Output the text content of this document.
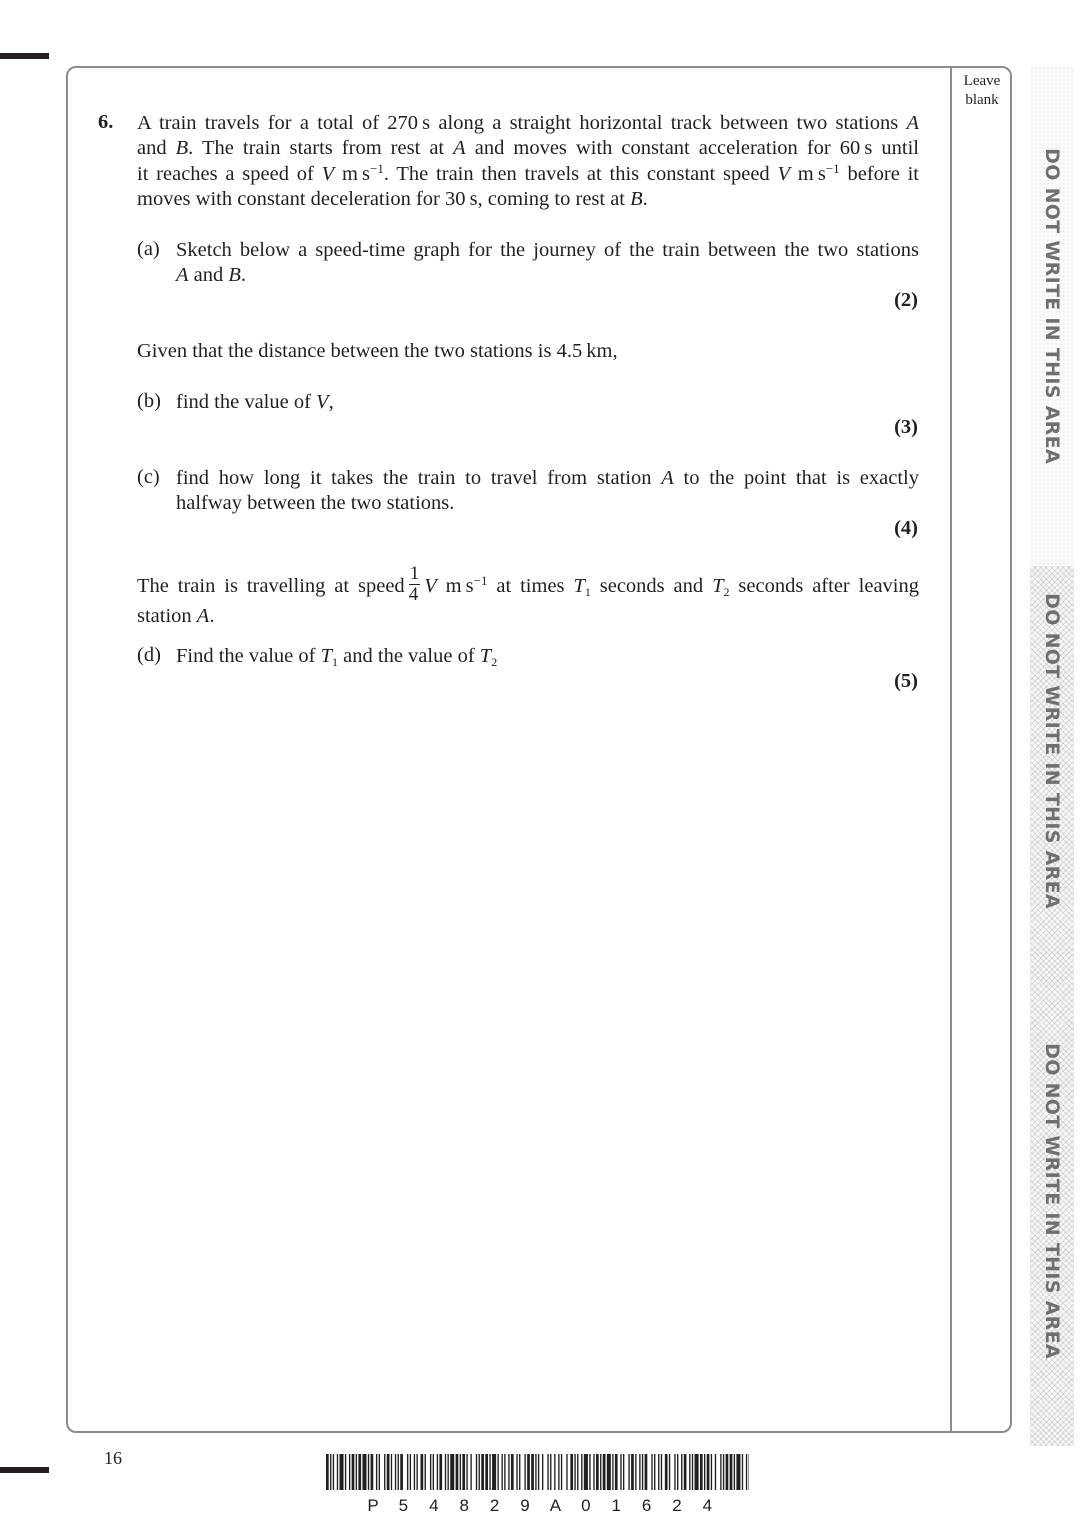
Leave
blank
DO NOT WRITE IN THIS AREA
DO NOT WRITE IN THIS AREA
DO NOT WRITE IN THIS AREA
6. A train travels for a total of 270 s along a straight horizontal track between two stations A
and B. The train starts from rest at A and moves with constant acceleration for 60 s until
it reaches a speed of V m $s^{-1}$. The train then travels at this constant speed V m $s^{-1}$ before it
moves with constant deceleration for 30 s, coming to rest at B.
(a) Sketch below a speed-time graph for the journey of the train between the two stations
A and B.
(2)
Given that the distance between the two stations is 4.5 km,
(b) find the value of V,
(3)
(c) find how long it takes the train to travel from station A to the point that is exactly
halfway between the two stations.
(4)
The train is travelling at speed $\frac{1}{4}$ V m $s^{-1}$ at times $T_1$ seconds and $T_2$ seconds after leaving
station A.
(d) Find the value of $T_1$ and the value of $T_2$
(5)
16
P 5 4 8 2 9 A 0 1 6 2 4
